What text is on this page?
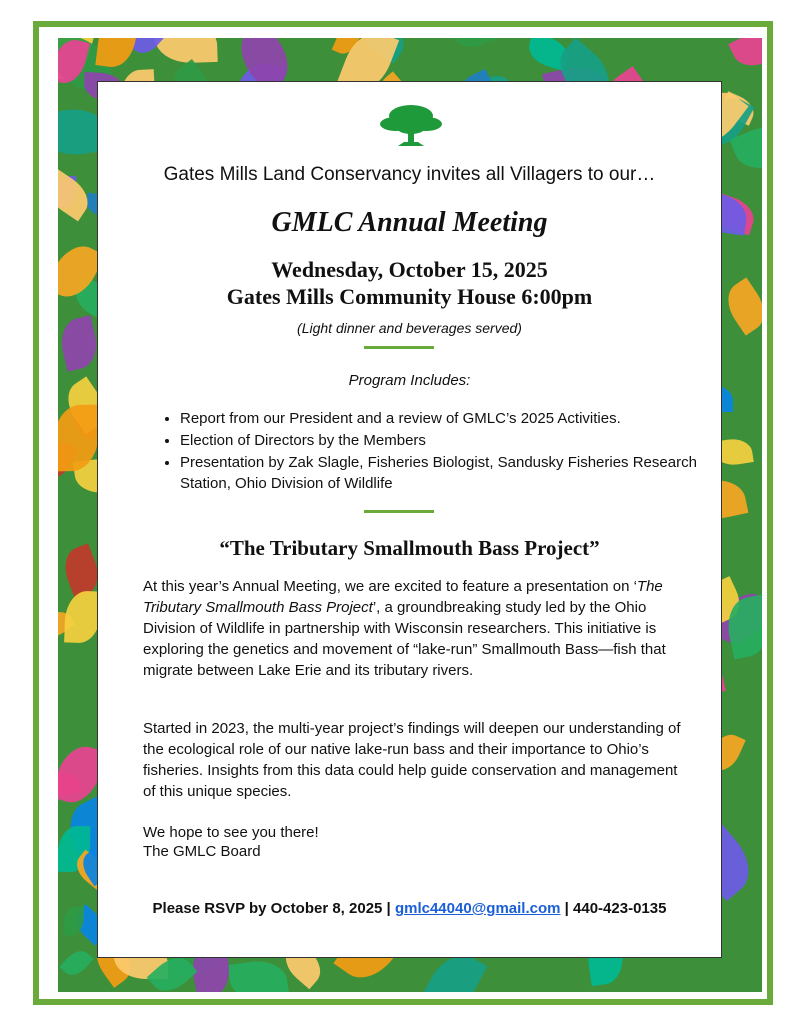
Gates Mills Land Conservancy invites all Villagers to our…
GMLC Annual Meeting
Wednesday, October 15, 2025
Gates Mills Community House 6:00pm
(Light dinner and beverages served)
Program Includes:
• Report from our President and a review of GMLC’s 2025 Activities.
• Election of Directors by the Members
• Presentation by Zak Slagle, Fisheries Biologist, Sandusky Fisheries Research Station, Ohio Division of Wildlife
“The Tributary Smallmouth Bass Project”

At this year’s Annual Meeting, we are excited to feature a presentation on ‘The Tributary Smallmouth Bass Project’, a groundbreaking study led by the Ohio Division of Wildlife in partnership with Wisconsin researchers. This initiative is exploring the genetics and movement of “lake-run” Smallmouth Bass—fish that migrate between Lake Erie and its tributary rivers.

Started in 2023, the multi-year project’s findings will deepen our understanding of the ecological role of our native lake-run bass and their importance to Ohio’s fisheries. Insights from this data could help guide conservation and management of this unique species.

We hope to see you there!
The GMLC Board
Please RSVP by October 8, 2025 | gmlc44040@gmail.com | 440-423-0135
